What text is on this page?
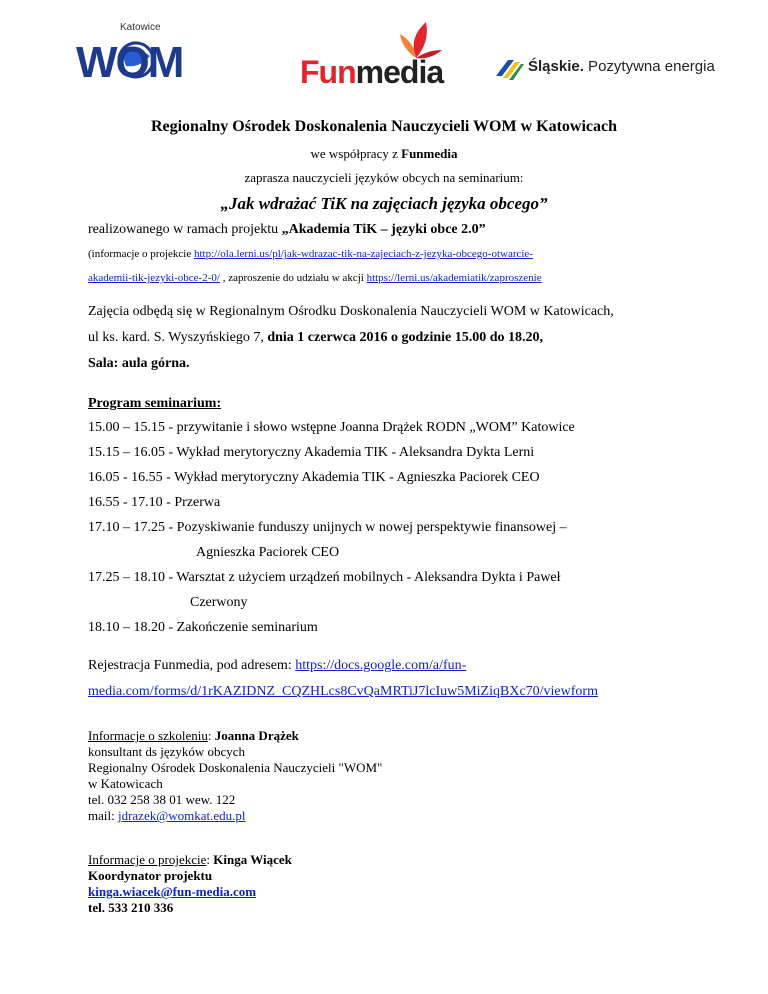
Katowice
WOM	Funmedia	Śląskie. Pozytywna energia
Regionalny Ośrodek Doskonalenia Nauczycieli WOM w Katowicach
we współpracy z Funmedia
zaprasza nauczycieli języków obcych na seminarium:
„Jak wdrażać TiK na zajęciach języka obcego”
realizowanego w ramach projektu „Akademia TiK – języki obce 2.0”
(informacje o projekcie http://ola.lerni.us/pl/jak-wdrazac-tik-na-zajeciach-z-jezyka-obcego-otwarcie-
akademii-tik-jezyki-obce-2-0/ , zaproszenie do udziału w akcji https://lerni.us/akademiatik/zaproszenie
Zajęcia odbędą się w Regionalnym Ośrodku Doskonalenia Nauczycieli WOM w Katowicach,
ul ks. kard. S. Wyszyńskiego 7, dnia 1 czerwca 2016 o godzinie 15.00 do 18.20,
Sala: aula górna.
Program seminarium:
15.00 – 15.15 - przywitanie i słowo wstępne Joanna Drążek RODN „WOM” Katowice
15.15 – 16.05 - Wykład merytoryczny Akademia TIK - Aleksandra Dykta Lerni
16.05 - 16.55 - Wykład merytoryczny Akademia TIK - Agnieszka Paciorek CEO
16.55 - 17.10 - Przerwa
17.10 – 17.25 - Pozyskiwanie funduszy unijnych w nowej perspektywie finansowej –
Agnieszka Paciorek CEO
17.25 – 18.10 - Warsztat z użyciem urządzeń mobilnych - Aleksandra Dykta i Paweł
Czerwony
18.10 – 18.20 - Zakończenie seminarium
Rejestracja Funmedia, pod adresem: https://docs.google.com/a/fun-
media.com/forms/d/1rKAZIDNZ_CQZHLcs8CvQaMRTiJ7lcIuw5MiZiqBXc70/viewform
Informacje o szkoleniu: Joanna Drążek
konsultant ds języków obcych
Regionalny Ośrodek Doskonalenia Nauczycieli "WOM"
w Katowicach
tel. 032 258 38 01 wew. 122
mail: jdrazek@womkat.edu.pl
Informacje o projekcie: Kinga Wiącek
Koordynator projektu
kinga.wiacek@fun-media.com
tel. 533 210 336
